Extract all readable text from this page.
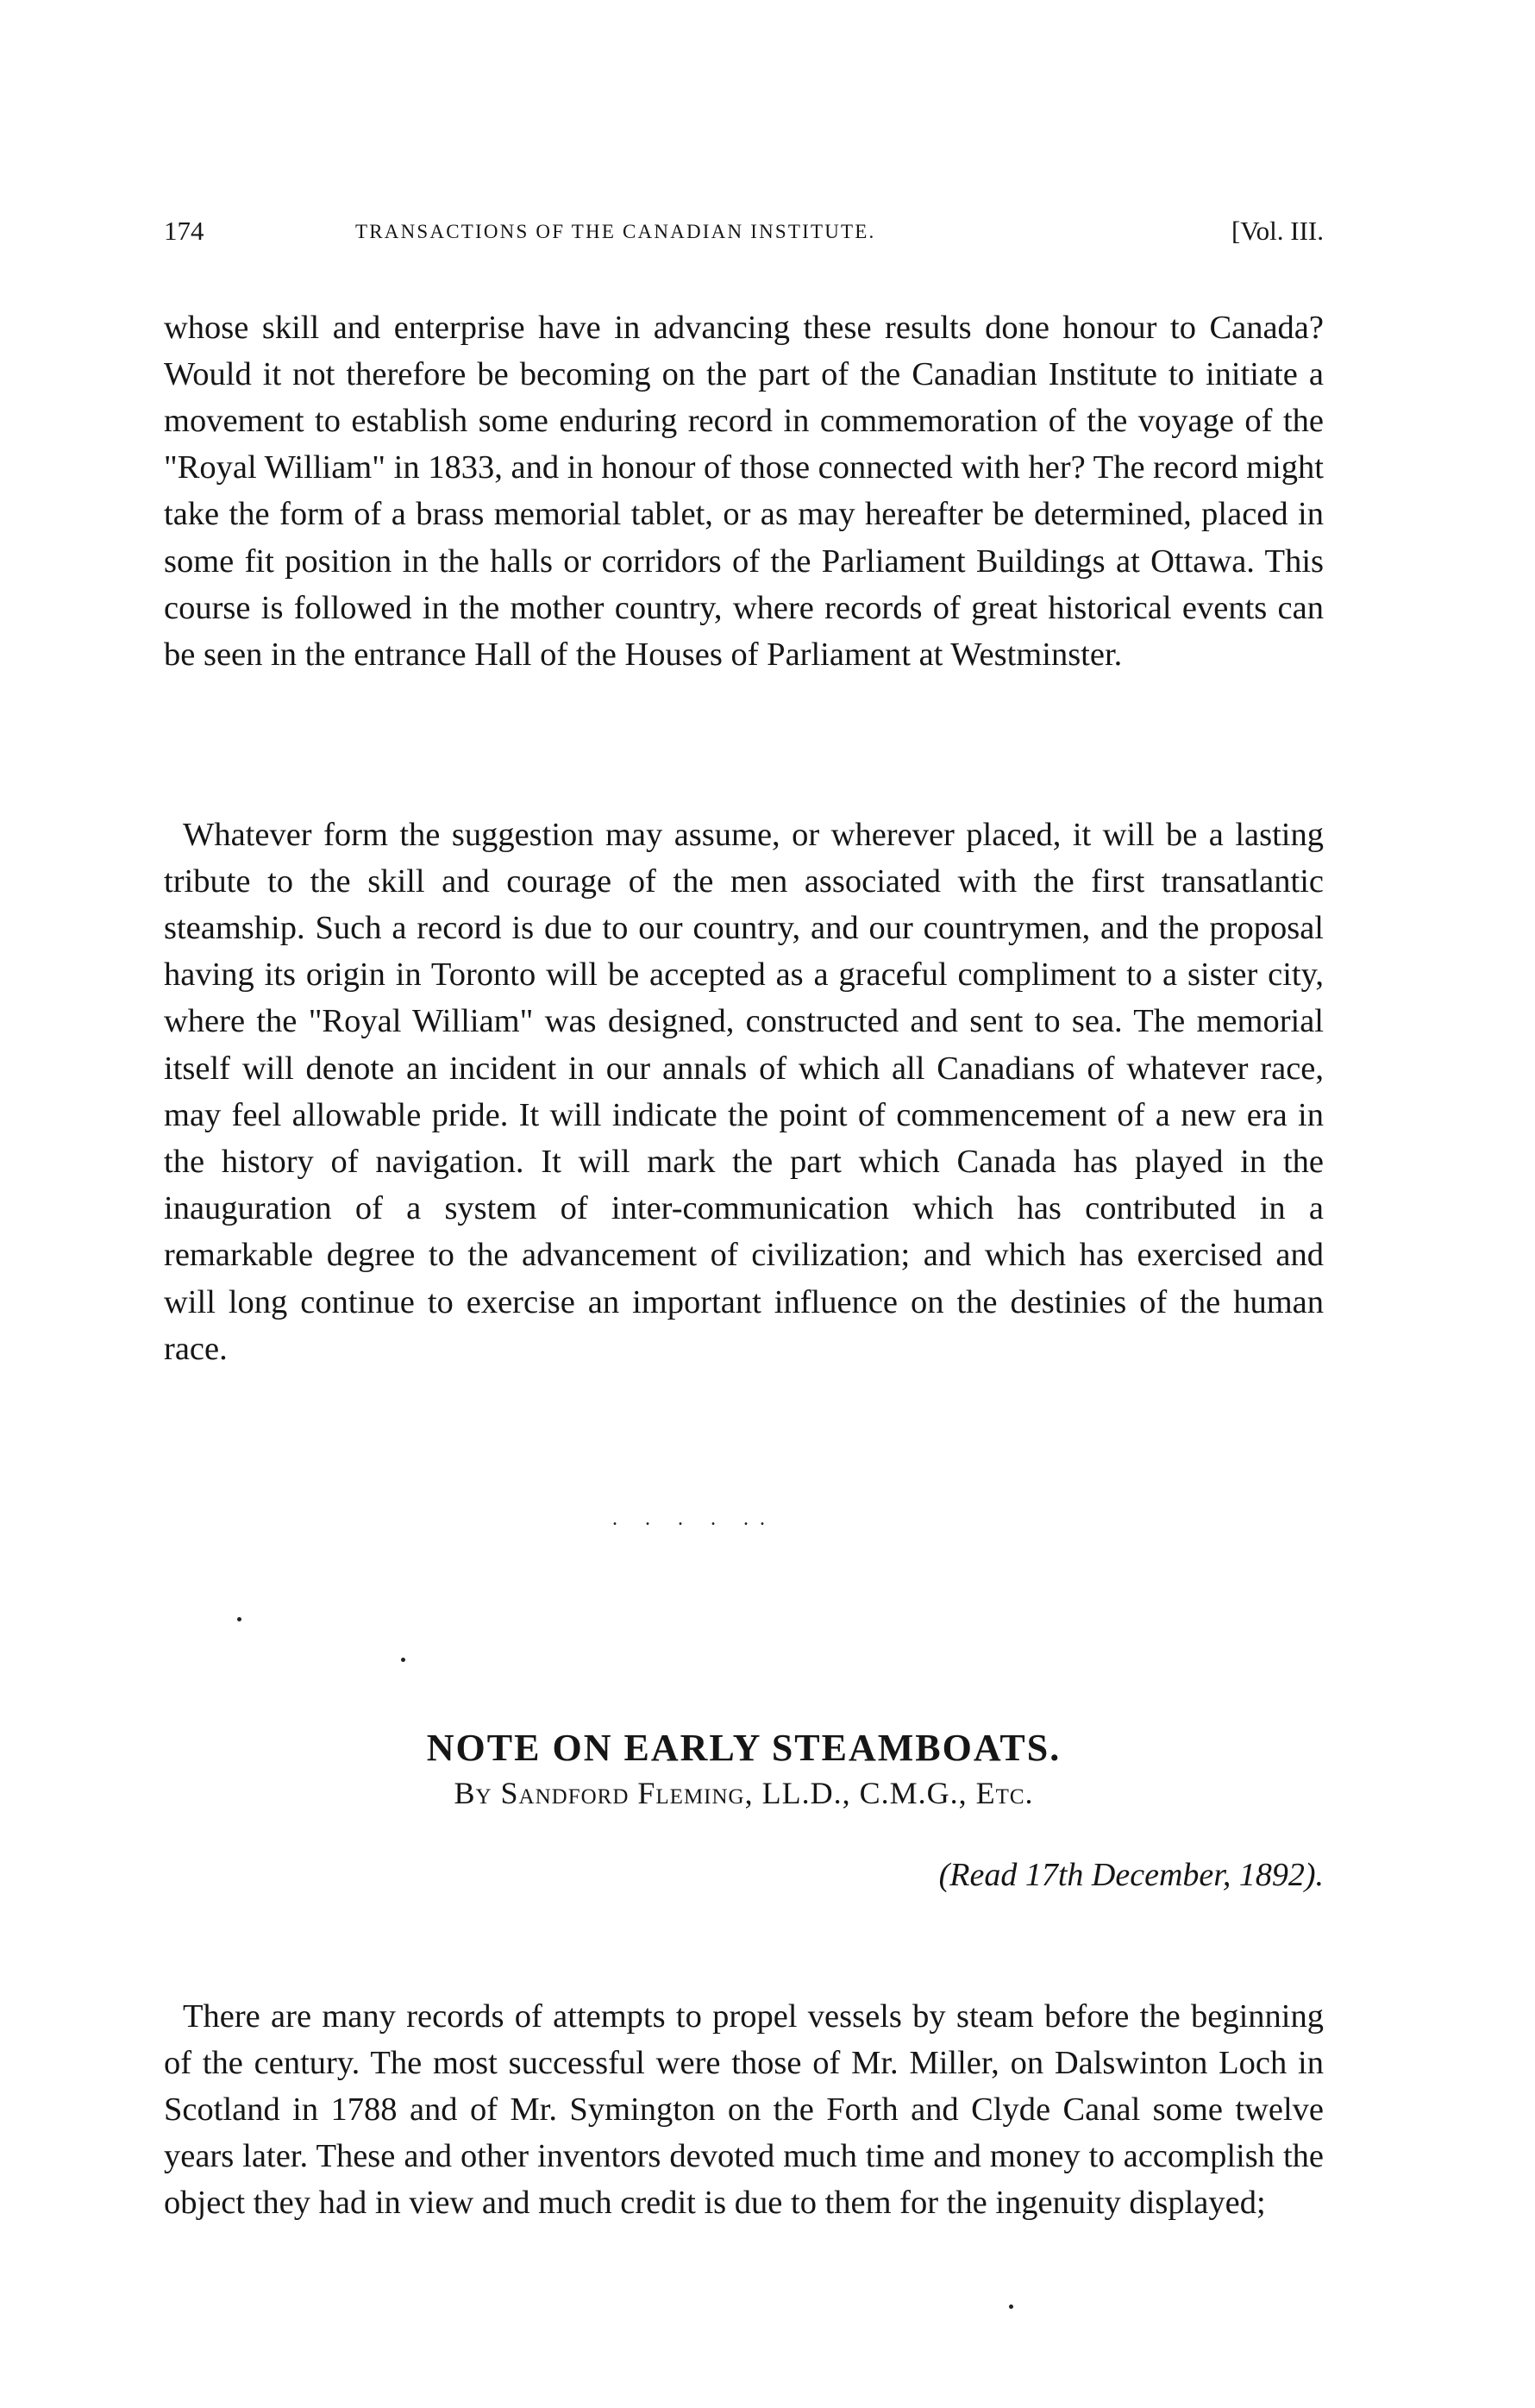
174	TRANSACTIONS OF THE CANADIAN INSTITUTE.	[Vol. III.

whose skill and enterprise have in advancing these results done honour to Canada? Would it not therefore be becoming on the part of the Canadian Institute to initiate a movement to establish some enduring record in commemoration of the voyage of the "Royal William" in 1833, and in honour of those connected with her? The record might take the form of a brass memorial tablet, or as may hereafter be determined, placed in some fit position in the halls or corridors of the Parliament Buildings at Ottawa. This course is followed in the mother country, where records of great historical events can be seen in the entrance Hall of the Houses of Parliament at Westminster.

Whatever form the suggestion may assume, or wherever placed, it will be a lasting tribute to the skill and courage of the men associated with the first transatlantic steamship. Such a record is due to our country, and our countrymen, and the proposal having its origin in Toronto will be accepted as a graceful compliment to a sister city, where the "Royal William" was designed, constructed and sent to sea. The memorial itself will denote an incident in our annals of which all Canadians of whatever race, may feel allowable pride. It will indicate the point of commencement of a new era in the history of navigation. It will mark the part which Canada has played in the inauguration of a system of inter-communication which has contributed in a remarkable degree to the advancement of civilization; and which has exercised and will long continue to exercise an important influence on the destinies of the human race.

. . . . ..
NOTE ON EARLY STEAMBOATS.
By Sandford Fleming, LL.D., C.M.G., Etc.
(Read 17th December, 1892).

There are many records of attempts to propel vessels by steam before the beginning of the century. The most successful were those of Mr. Miller, on Dalswinton Loch in Scotland in 1788 and of Mr. Symington on the Forth and Clyde Canal some twelve years later. These and other inventors devoted much time and money to accomplish the object they had in view and much credit is due to them for the ingenuity displayed;
